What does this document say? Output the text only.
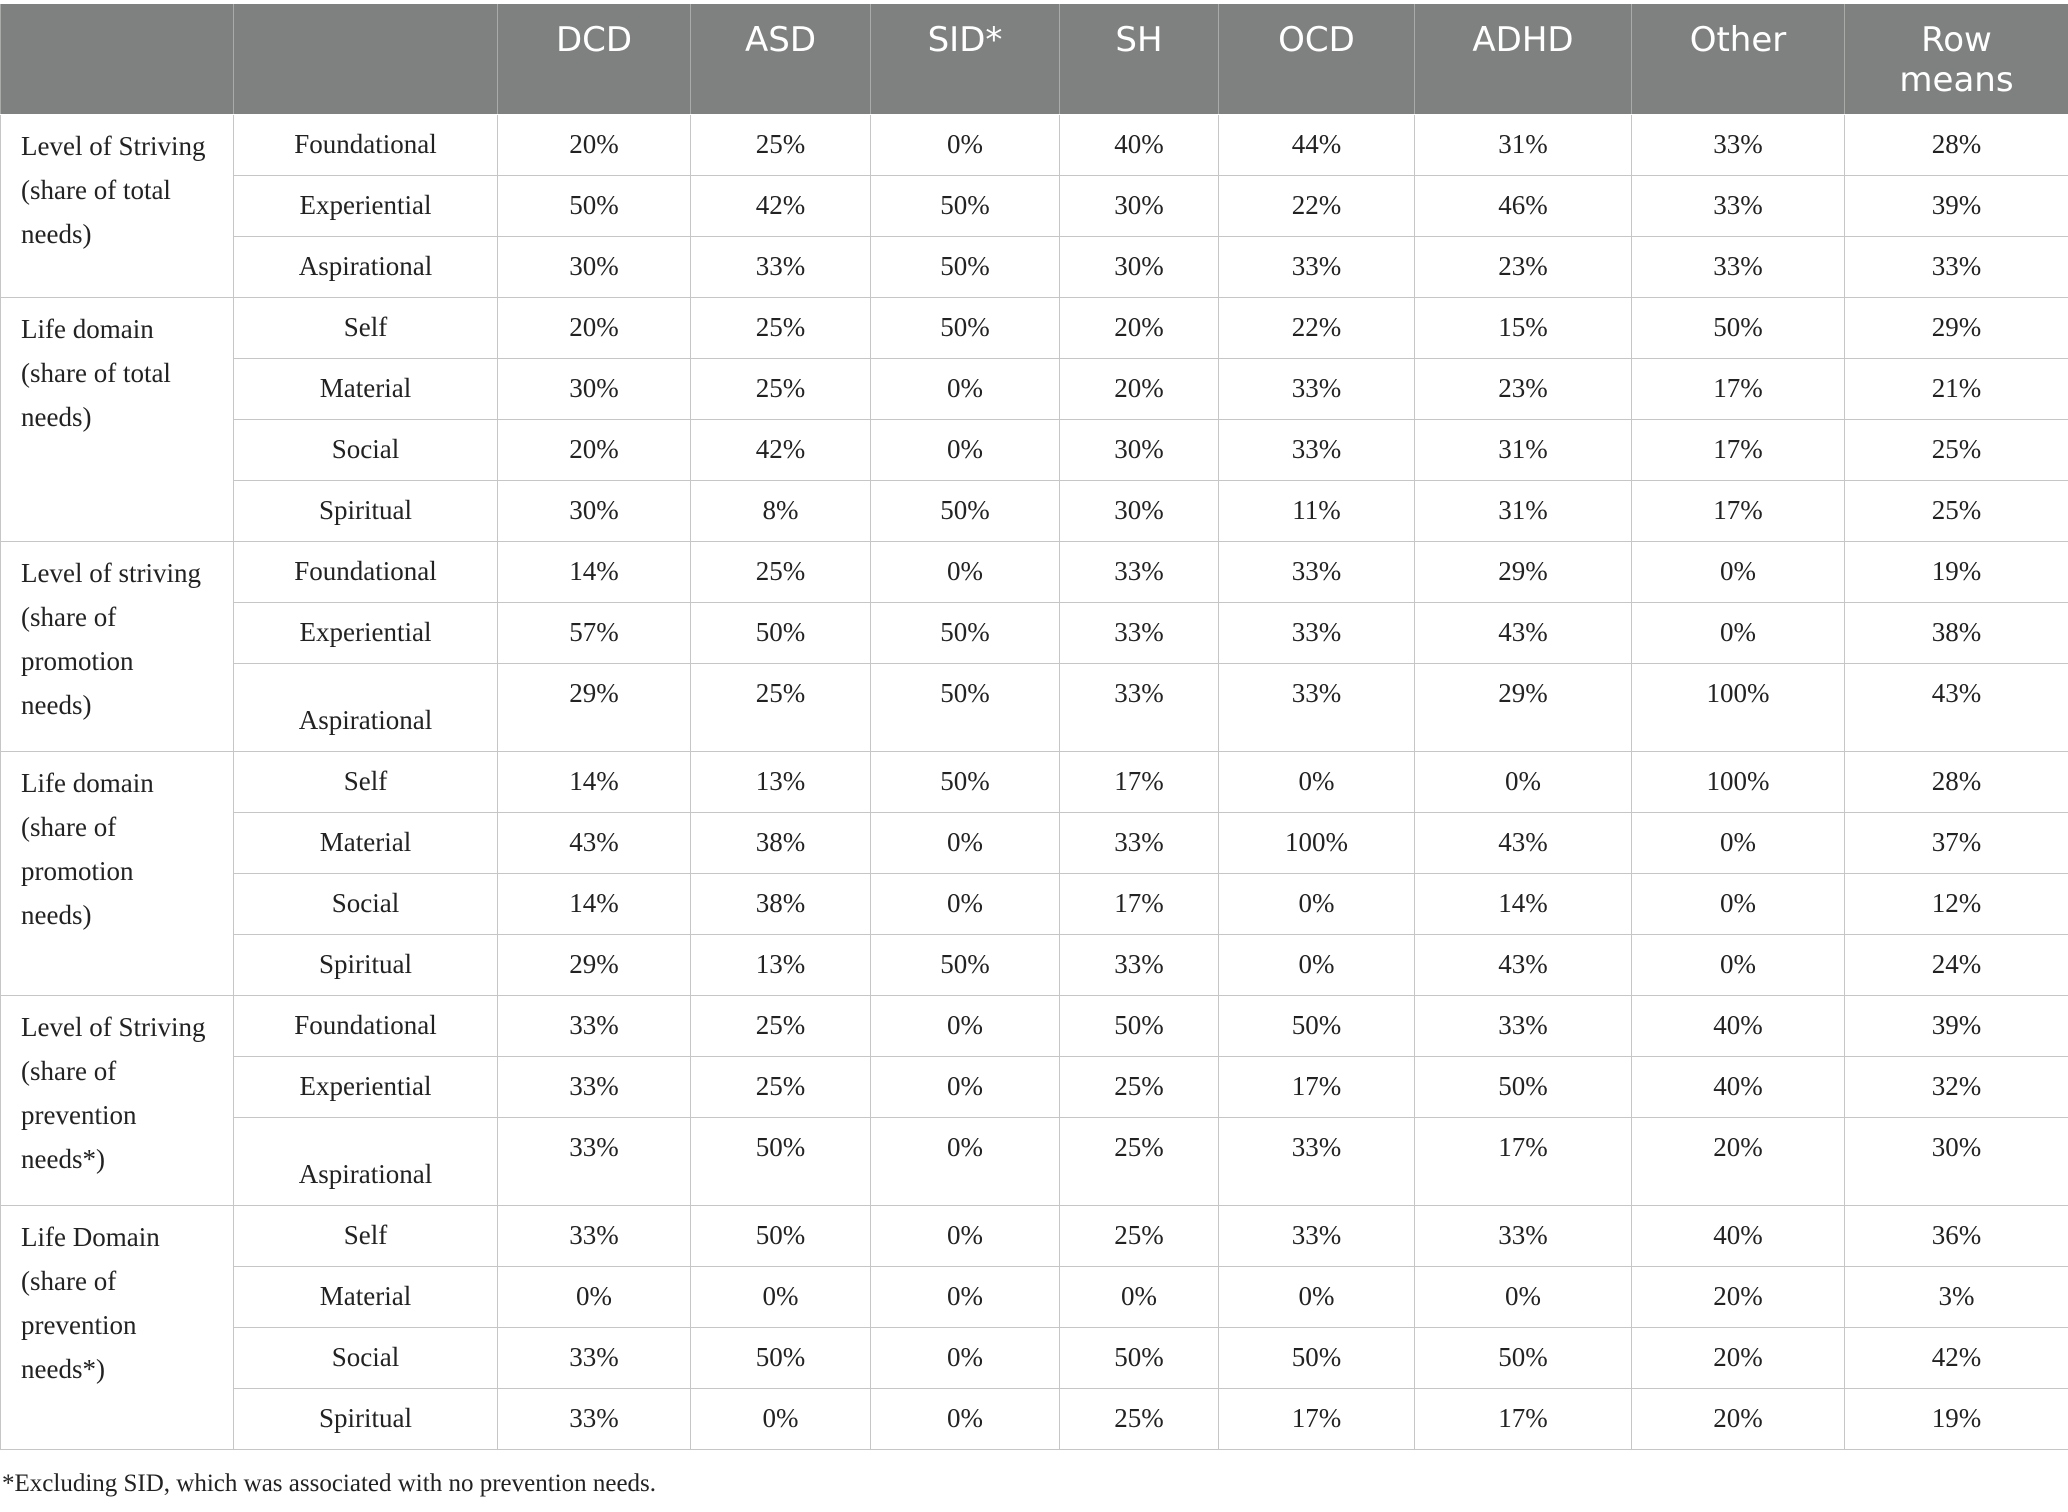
		DCD	ASD	SID*	SH	OCD	ADHD	Other	Row
means

Level of Striving
(share of total
needs)	Foundational	20%	25%	0%	40%	44%	31%	33%	28%
	Experiential	50%	42%	50%	30%	22%	46%	33%	39%
	Aspirational	30%	33%	50%	30%	33%	23%	33%	33%

Life domain
(share of total
needs)	Self	20%	25%	50%	20%	22%	15%	50%	29%
	Material	30%	25%	0%	20%	33%	23%	17%	21%
	Social	20%	42%	0%	30%	33%	31%	17%	25%
	Spiritual	30%	8%	50%	30%	11%	31%	17%	25%

Level of striving
(share of
promotion
needs)	Foundational	14%	25%	0%	33%	33%	29%	0%	19%
	Experiential	57%	50%	50%	33%	33%	43%	0%	38%
	Aspirational	29%	25%	50%	33%	33%	29%	100%	43%

Life domain
(share of
promotion
needs)	Self	14%	13%	50%	17%	0%	0%	100%	28%
	Material	43%	38%	0%	33%	100%	43%	0%	37%
	Social	14%	38%	0%	17%	0%	14%	0%	12%
	Spiritual	29%	13%	50%	33%	0%	43%	0%	24%

Level of Striving
(share of
prevention
needs*)	Foundational	33%	25%	0%	50%	50%	33%	40%	39%
	Experiential	33%	25%	0%	25%	17%	50%	40%	32%
	Aspirational	33%	50%	0%	25%	33%	17%	20%	30%

Life Domain
(share of
prevention
needs*)	Self	33%	50%	0%	25%	33%	33%	40%	36%
	Material	0%	0%	0%	0%	0%	0%	20%	3%
	Social	33%	50%	0%	50%	50%	50%	20%	42%
	Spiritual	33%	0%	0%	25%	17%	17%	20%	19%
*Excluding SID, which was associated with no prevention needs.
